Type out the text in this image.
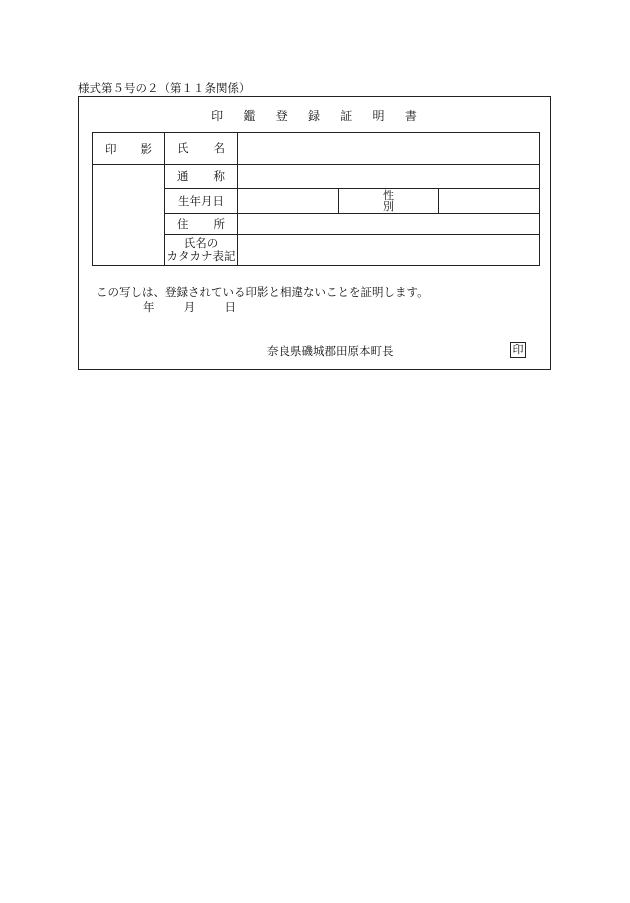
様式第５号の２（第１１条関係）
印 鑑 登 録 証 明 書
印 影	氏 名			

	通 称			

	生年月日		性
別	

	住 所			

	氏名の
カタカナ表記			

この写しは、登録されている印影と相違ないことを証明します。
年	月	日
奈良県磯城郡田原本町長	印
